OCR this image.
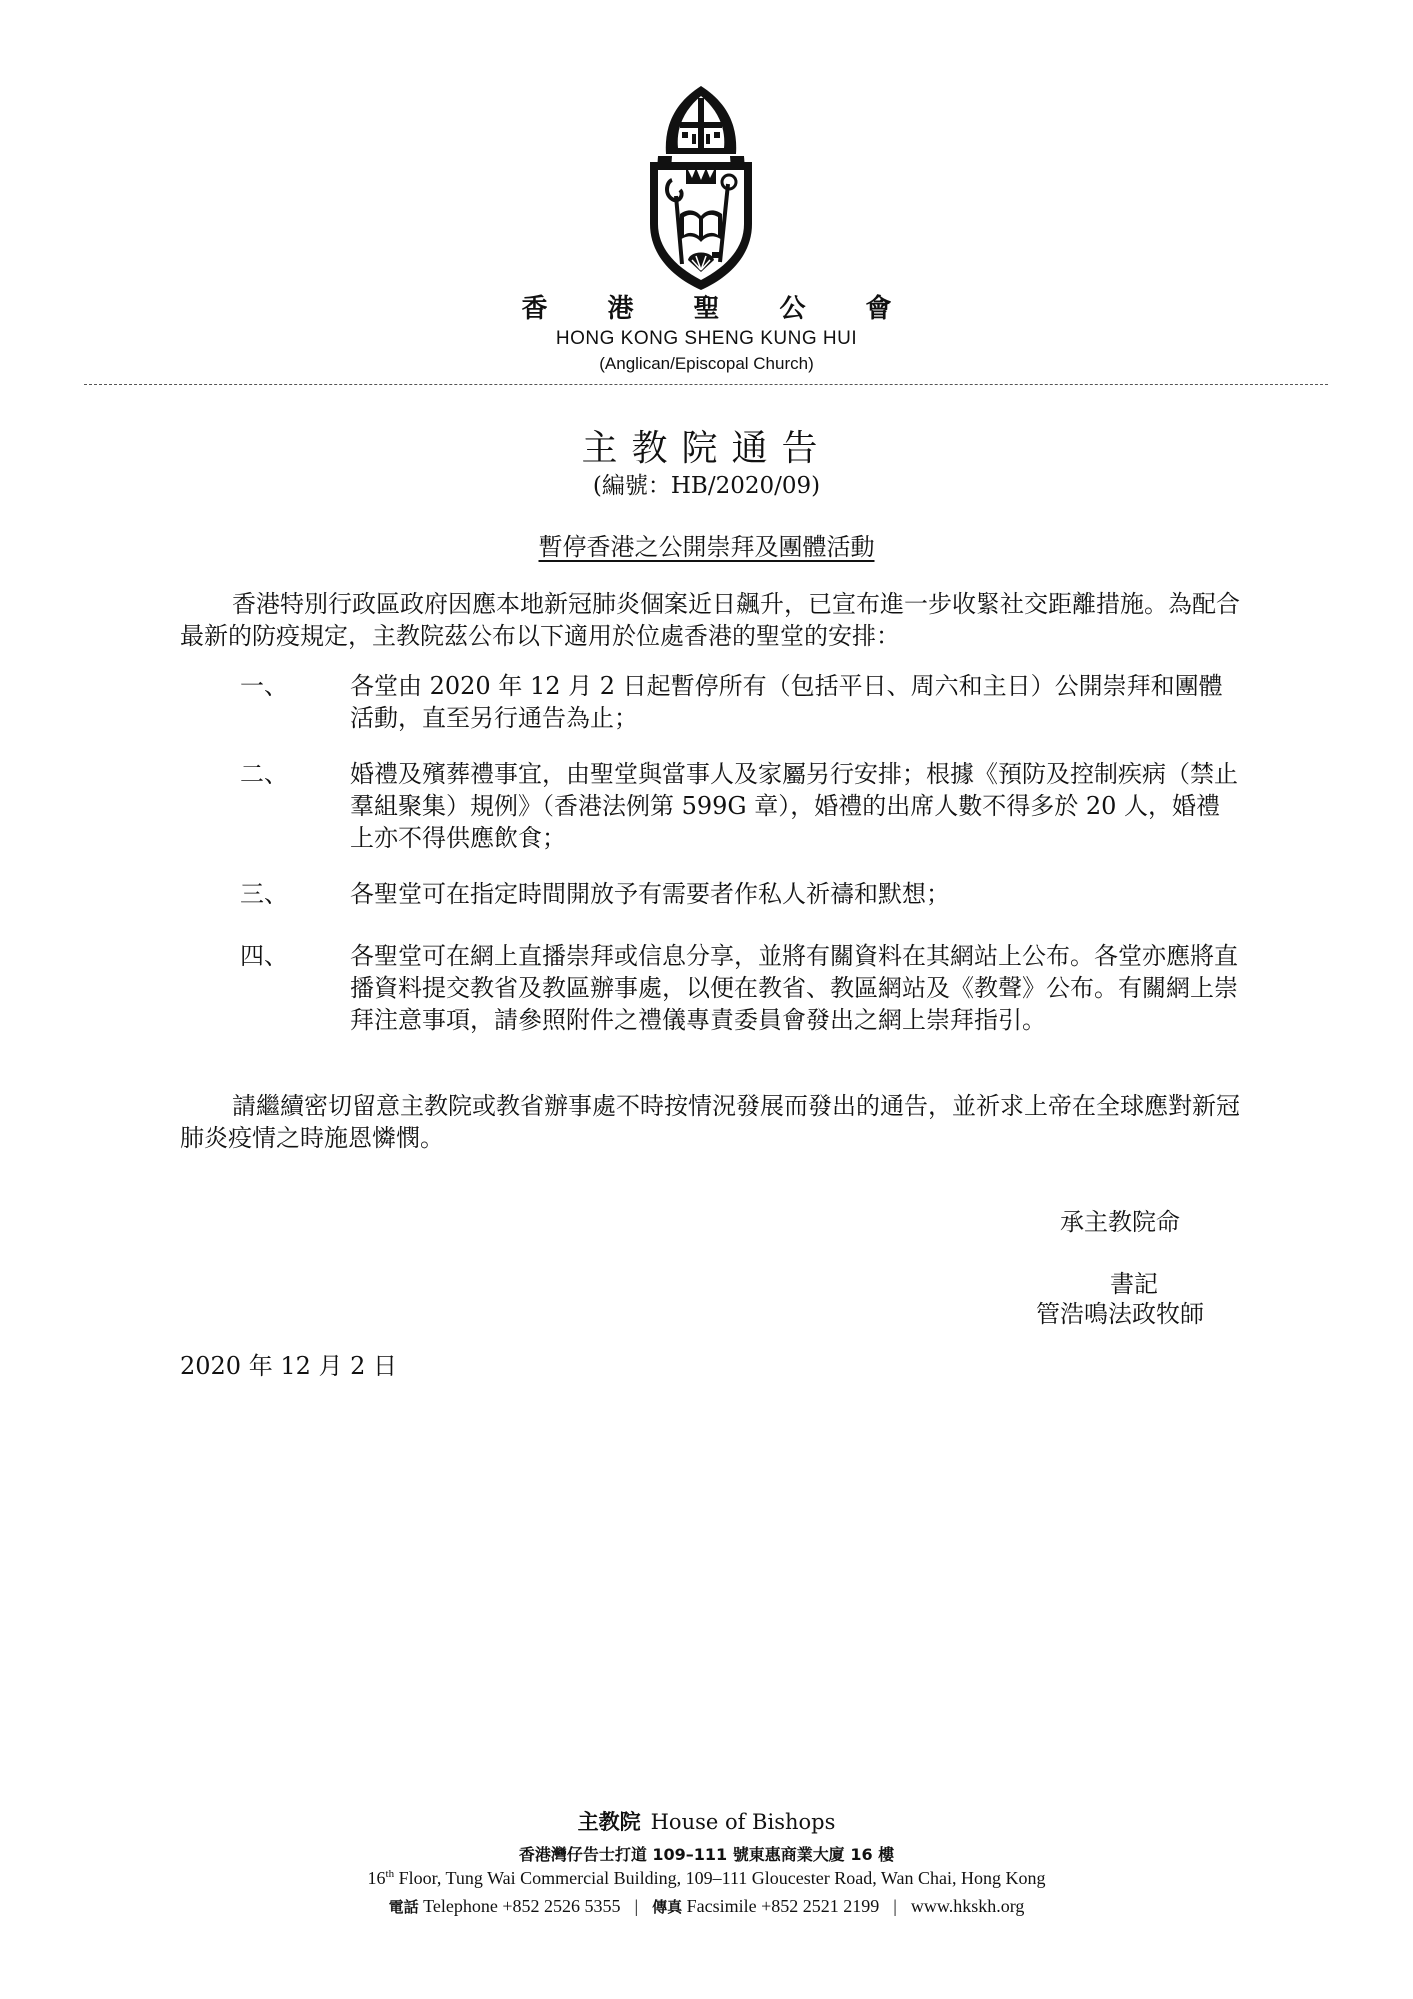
香 港 聖 公 會
HONG KONG SHENG KUNG HUI
(Anglican/Episcopal Church)
主教院通告
(編號：HB/2020/09)
暫停香港之公開崇拜及團體活動
香港特別行政區政府因應本地新冠肺炎個案近日飆升，已宣布進一步收緊社交距離措施。為配合最新的防疫規定，主教院茲公布以下適用於位處香港的聖堂的安排：
一、	各堂由 2020 年 12 月 2 日起暫停所有（包括平日、周六和主日）公開崇拜和團體活動，直至另行通告為止；
二、	婚禮及殯葬禮事宜，由聖堂與當事人及家屬另行安排；根據《預防及控制疾病（禁止羣組聚集）規例》（香港法例第 599G 章），婚禮的出席人數不得多於 20 人，婚禮上亦不得供應飲食；
三、	各聖堂可在指定時間開放予有需要者作私人祈禱和默想；
四、	各聖堂可在網上直播崇拜或信息分享，並將有關資料在其網站上公布。各堂亦應將直播資料提交教省及教區辦事處，以便在教省、教區網站及《教聲》公布。有關網上崇拜注意事項，請參照附件之禮儀專責委員會發出之網上崇拜指引。
請繼續密切留意主教院或教省辦事處不時按情況發展而發出的通告，並祈求上帝在全球應對新冠肺炎疫情之時施恩憐憫。
承主教院命
書記
管浩鳴法政牧師
2020 年 12 月 2 日
主教院 House of Bishops
香港灣仔告士打道 109–111 號東惠商業大廈 16 樓
16th Floor, Tung Wai Commercial Building, 109–111 Gloucester Road, Wan Chai, Hong Kong
電話 Telephone +852 2526 5355 | 傳真 Facsimile +852 2521 2199 | www.hkskh.org
